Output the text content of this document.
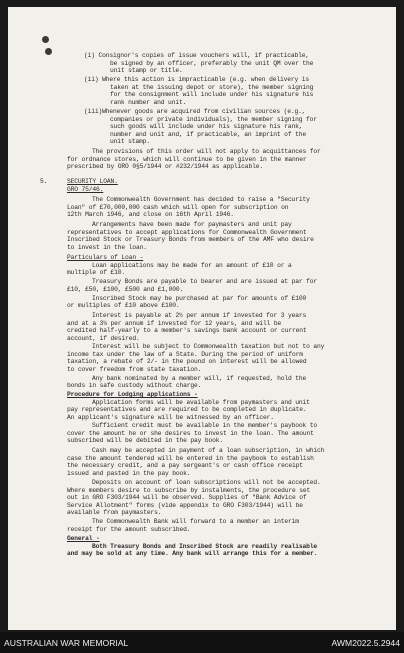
(i) Consignor's copies of issue vouchers will, if practicable,
be signed by an officer, preferably the unit QM over the
unit stamp or title.
(ii) Where this action is impracticable (e.g. when delivery is
taken at the issuing depot or store), the member signing
for the consignment will include under his signature his
rank number and unit.
(iii)Whenever goods are acquired from civilian sources (e.g.,
companies or private individuals), the member signing for
such goods will include under his signature his rank,
number and unit and, if practicable, an imprint of the
unit stamp.
The provisions of this order will not apply to acquittances for
for ordnance stores, which will continue to be given in the manner
prescribed by GRO 0§5/1944 or #232/1944 as applicable.
5.	SECURITY LOAN.
GRO 75/46.
The Commonwealth Government has decided to raise a "Security
Loan" of £70,000,000 cash which will open for subscription on
12th March 1946, and close on 16th April 1946.
Arrangements have been made for paymasters and unit pay
representatives to accept applications for Commonwealth Government
Inscribed Stock or Treasury Bonds from members of the AMF who desire
to invest in the loan.
Particulars of Loan -
Loan applications may be made for an amount of £10 or a
multiple of £10.
Treasury Bonds are payable to bearer and are issued at par for
£10, £50, £100, £500 and £1,000.
Inscribed Stock may be purchased at par for amounts of £100
or multiples of £10 above £100.
Interest is payable at 2½ per annum if invested for 3 years
and at a 3¼ per annum if invested for 12 years, and will be
credited half-yearly to a member's savings bank account or current
account, if desired.
Interest will be subject to Commonwealth taxation but not to any
income tax under the law of a State. During the period of uniform
taxation, a rebate of 2/- in the pound on interest will be allowed
to cover freedom from state taxation.
Any bank nominated by a member will, if requested, hold the
bonds in safe custody without charge.
Procedure for Lodging applications -
Application forms will be available from paymasters and unit
pay representatives and are required to be completed in duplicate.
An applicant's signature will be witnessed by an officer.
Sufficient credit must be available in the member's paybook to
cover the amount he or she desires to invest in the loan. The amount
subscribed will be debited in the pay book.
Cash may be accepted in payment of a loan subscription, in which
case the amount tendered will be entered in the paybook to establish
the necessary credit, and a pay sergeant's or cash office receipt
issued and pasted in the pay book.
Deposits on account of loan subscriptions will not be accepted.
Where members desire to subscribe by instalments, the procedure set
out in GRO F303/1944 will be observed. Supplies of "Bank Advice of
Service Allotment" forms (vide appendix to GRO F303/1944) will be
available from paymasters.
The Commonwealth Bank will forward to a member an interim
receipt for the amount subscribed.
General -
Both Treasury Bonds and Inscribed Stock are readily realisable
and may be sold at any time. Any bank will arrange this for a member.
AUSTRALIAN WAR MEMORIAL	AWM2022.5.2944
